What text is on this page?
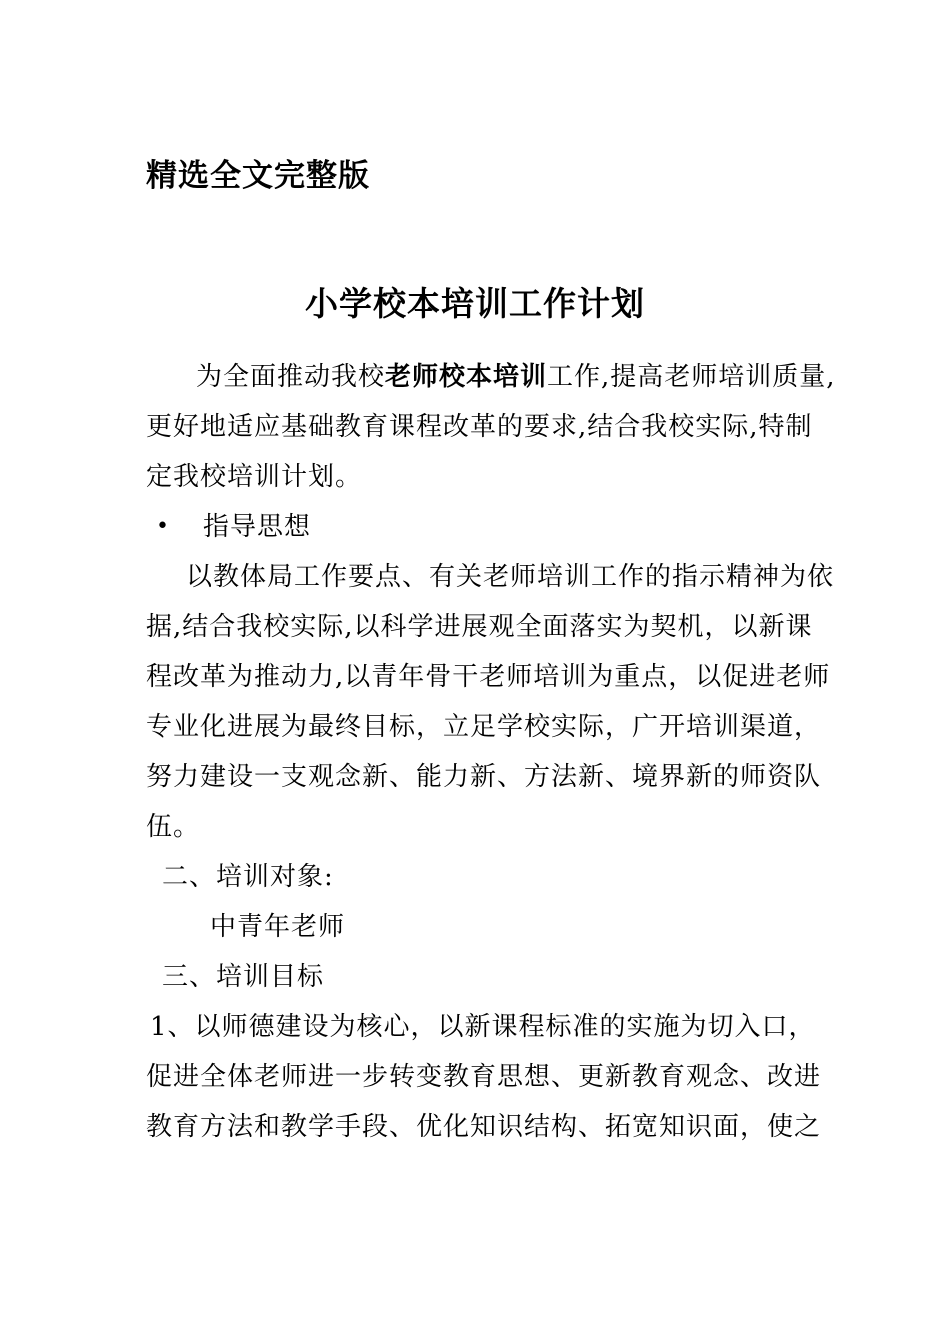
精选全文完整版
小学校本培训工作计划
为全面推动我校老师校本培训工作,提高老师培训质量,
更好地适应基础教育课程改革的要求,结合我校实际,特制
定我校培训计划。
• 指导思想
以教体局工作要点、有关老师培训工作的指示精神为依
据,结合我校实际,以科学进展观全面落实为契机，以新课
程改革为推动力,以青年骨干老师培训为重点，以促进老师
专业化进展为最终目标，立足学校实际，广开培训渠道，
努力建设一支观念新、能力新、方法新、境界新的师资队
伍。
二、培训对象:
中青年老师
三、培训目标
1、以师德建设为核心，以新课程标准的实施为切入口，
促进全体老师进一步转变教育思想、更新教育观念、改进
教育方法和教学手段、优化知识结构、拓宽知识面，使之
